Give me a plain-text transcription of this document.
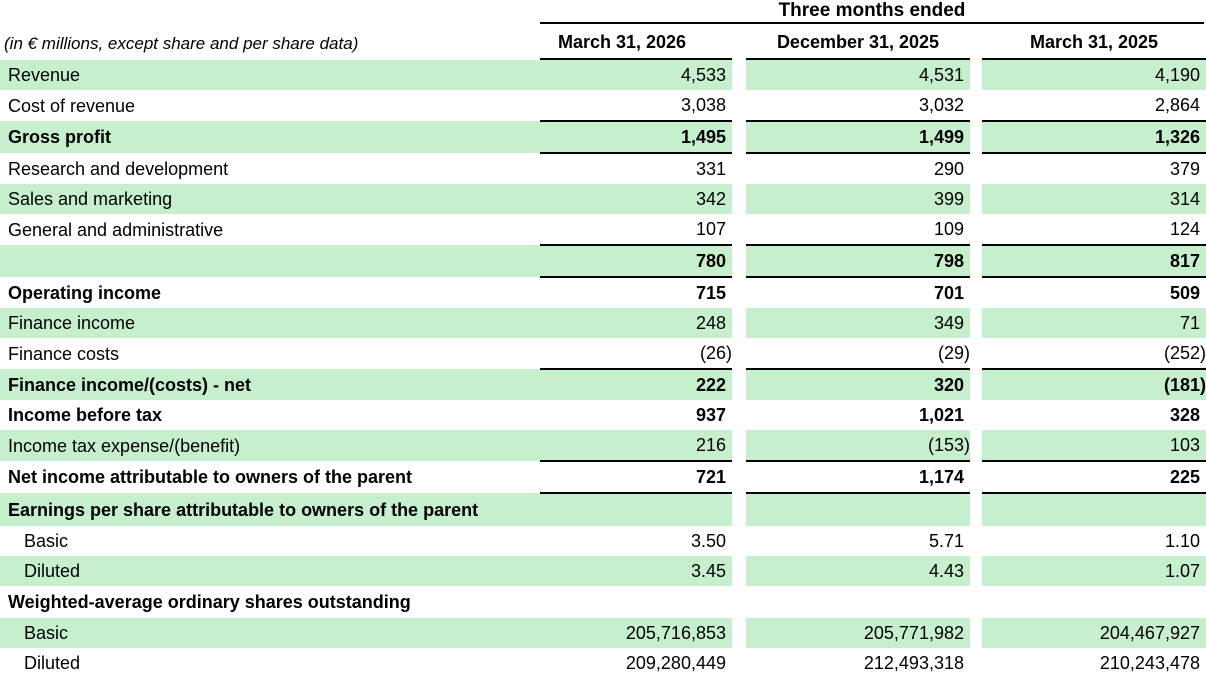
Three months ended
(in € millions, except share and per share data)	March 31, 2026	December 31, 2025	March 31, 2025
Revenue	4,533		4,531		4,190
Cost of revenue	3,038		3,032		2,864
Gross profit	1,495		1,499		1,326
Research and development	331		290		379
Sales and marketing	342		399		314
General and administrative	107		109		124
	780		798		817
Operating income	715		701		509
Finance income	248		349		71
Finance costs	(26)		(29)		(252)
Finance income/(costs) - net	222		320		(181)
Income before tax	937		1,021		328
Income tax expense/(benefit)	216		(153)		103
Net income attributable to owners of the parent	721		1,174		225
Earnings per share attributable to owners of the parent					
Basic	3.50		5.71		1.10
Diluted	3.45		4.43		1.07
Weighted-average ordinary shares outstanding					
Basic	205,716,853		205,771,982		204,467,927
Diluted	209,280,449		212,493,318		210,243,478
